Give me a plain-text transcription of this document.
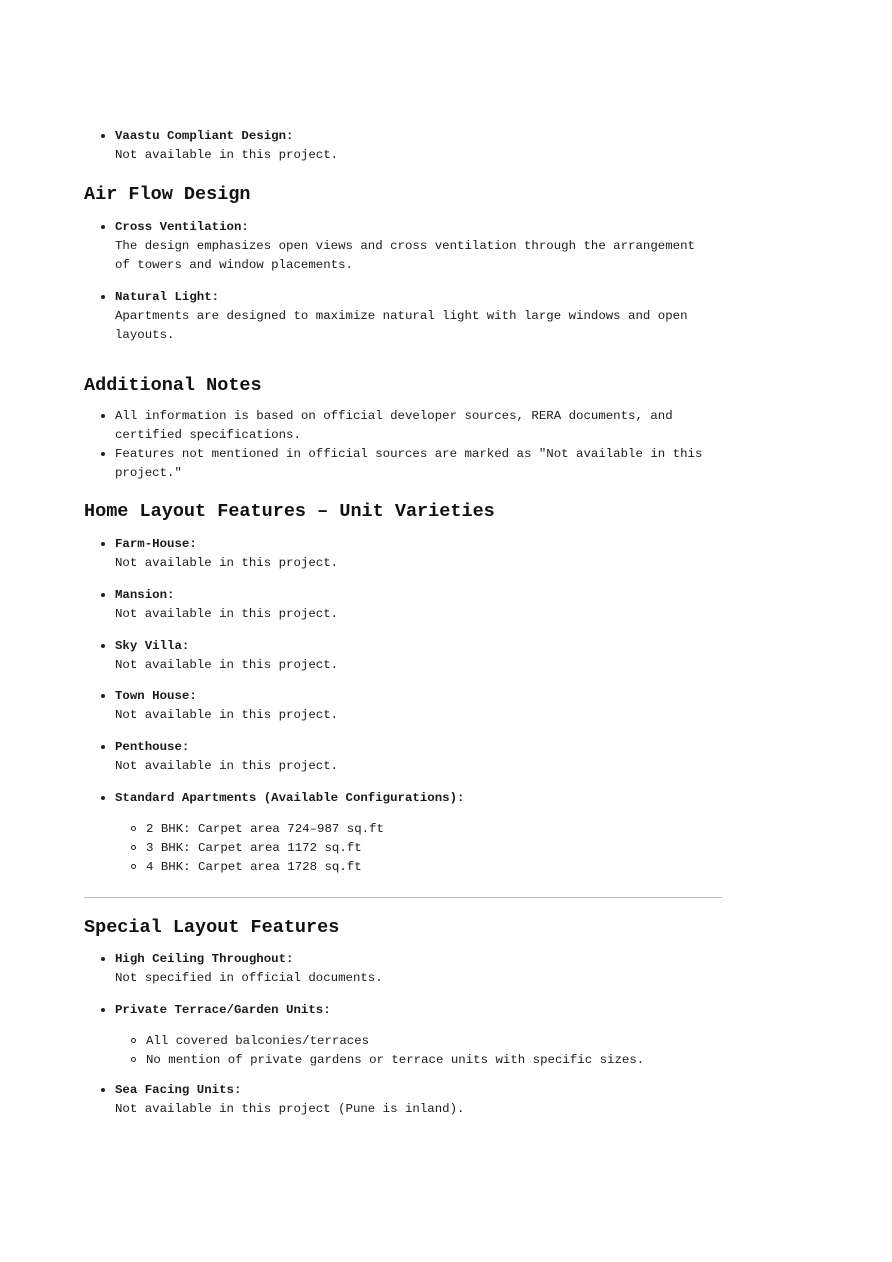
Vaastu Compliant Design:
Not available in this project.
Air Flow Design
Cross Ventilation:
The design emphasizes open views and cross ventilation through the arrangement of towers and window placements.
Natural Light:
Apartments are designed to maximize natural light with large windows and open layouts.
Additional Notes
All information is based on official developer sources, RERA documents, and certified specifications.
Features not mentioned in official sources are marked as "Not available in this project."
Home Layout Features – Unit Varieties
Farm-House:
Not available in this project.
Mansion:
Not available in this project.
Sky Villa:
Not available in this project.
Town House:
Not available in this project.
Penthouse:
Not available in this project.
Standard Apartments (Available Configurations):
2 BHK: Carpet area 724–987 sq.ft
3 BHK: Carpet area 1172 sq.ft
4 BHK: Carpet area 1728 sq.ft
Special Layout Features
High Ceiling Throughout:
Not specified in official documents.
Private Terrace/Garden Units:
All covered balconies/terraces
No mention of private gardens or terrace units with specific sizes.
Sea Facing Units:
Not available in this project (Pune is inland).
